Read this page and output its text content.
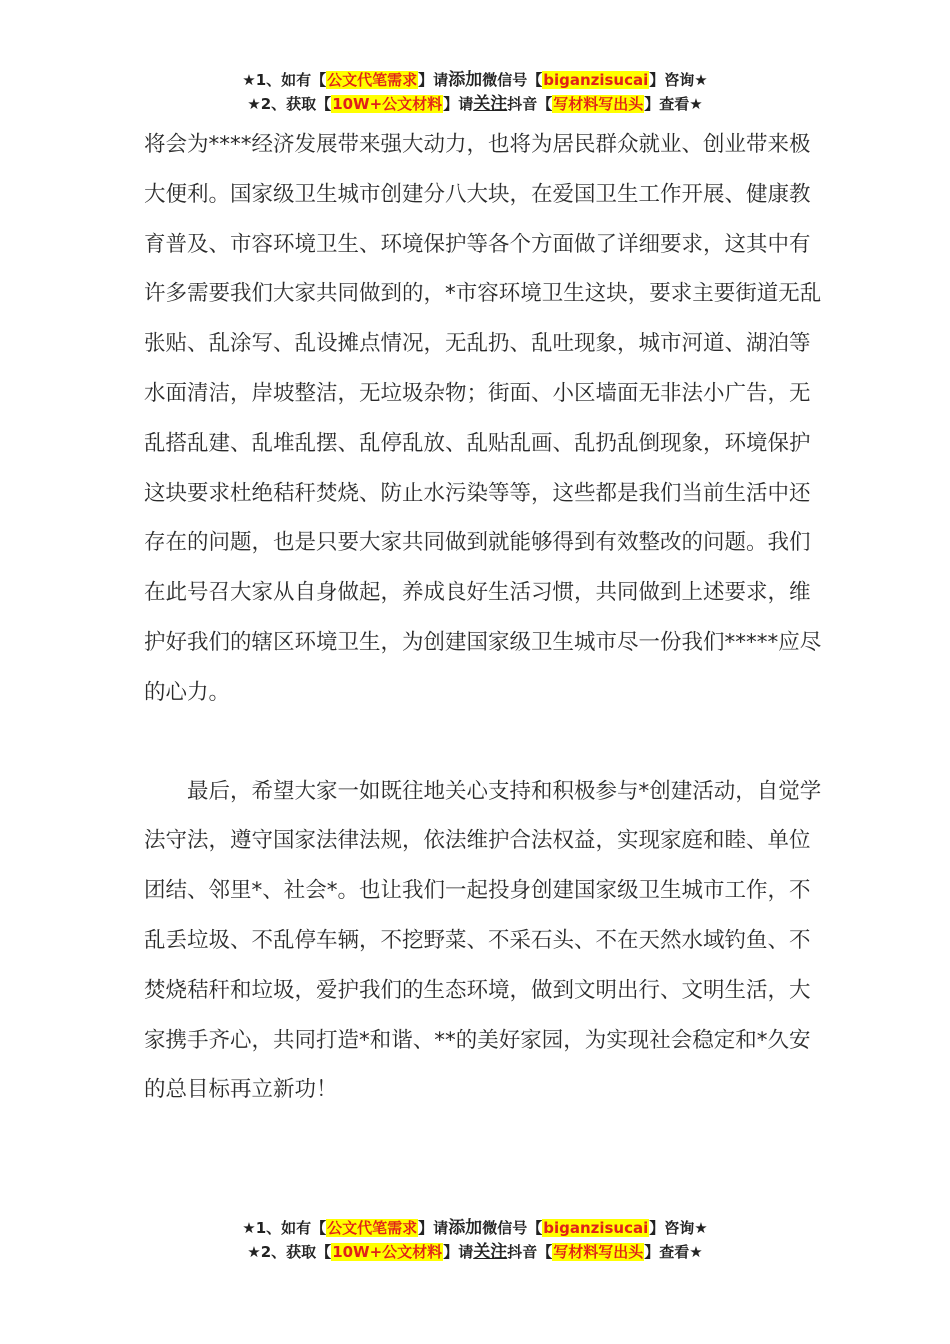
★1、如有【公文代笔需求】请添加微信号【biganzisucai】咨询★
★2、获取【10W+公文材料】请关注抖音【写材料写出头】查看★

将会为****经济发展带来强大动力，也将为居民群众就业、创业带来极大便利。国家级卫生城市创建分八大块，在爱国卫生工作开展、健康教育普及、市容环境卫生、环境保护等各个方面做了详细要求，这其中有许多需要我们大家共同做到的，*市容环境卫生这块，要求主要街道无乱张贴、乱涂写、乱设摊点情况，无乱扔、乱吐现象，城市河道、湖泊等水面清洁，岸坡整洁，无垃圾杂物；街面、小区墙面无非法小广告，无乱搭乱建、乱堆乱摆、乱停乱放、乱贴乱画、乱扔乱倒现象，环境保护这块要求杜绝秸秆焚烧、防止水污染等等，这些都是我们当前生活中还存在的问题，也是只要大家共同做到就能够得到有效整改的问题。我们在此号召大家从自身做起，养成良好生活习惯，共同做到上述要求，维护好我们的辖区环境卫生，为创建国家级卫生城市尽一份我们*****应尽的心力。

最后，希望大家一如既往地关心支持和积极参与*创建活动，自觉学法守法，遵守国家法律法规，依法维护合法权益，实现家庭和睦、单位团结、邻里*、社会*。也让我们一起投身创建国家级卫生城市工作，不乱丢垃圾、不乱停车辆，不挖野菜、不采石头、不在天然水域钓鱼、不焚烧秸秆和垃圾，爱护我们的生态环境，做到文明出行、文明生活，大家携手齐心，共同打造*和谐、**的美好家园，为实现社会稳定和*久安的总目标再立新功！

★1、如有【公文代笔需求】请添加微信号【biganzisucai】咨询★
★2、获取【10W+公文材料】请关注抖音【写材料写出头】查看★
